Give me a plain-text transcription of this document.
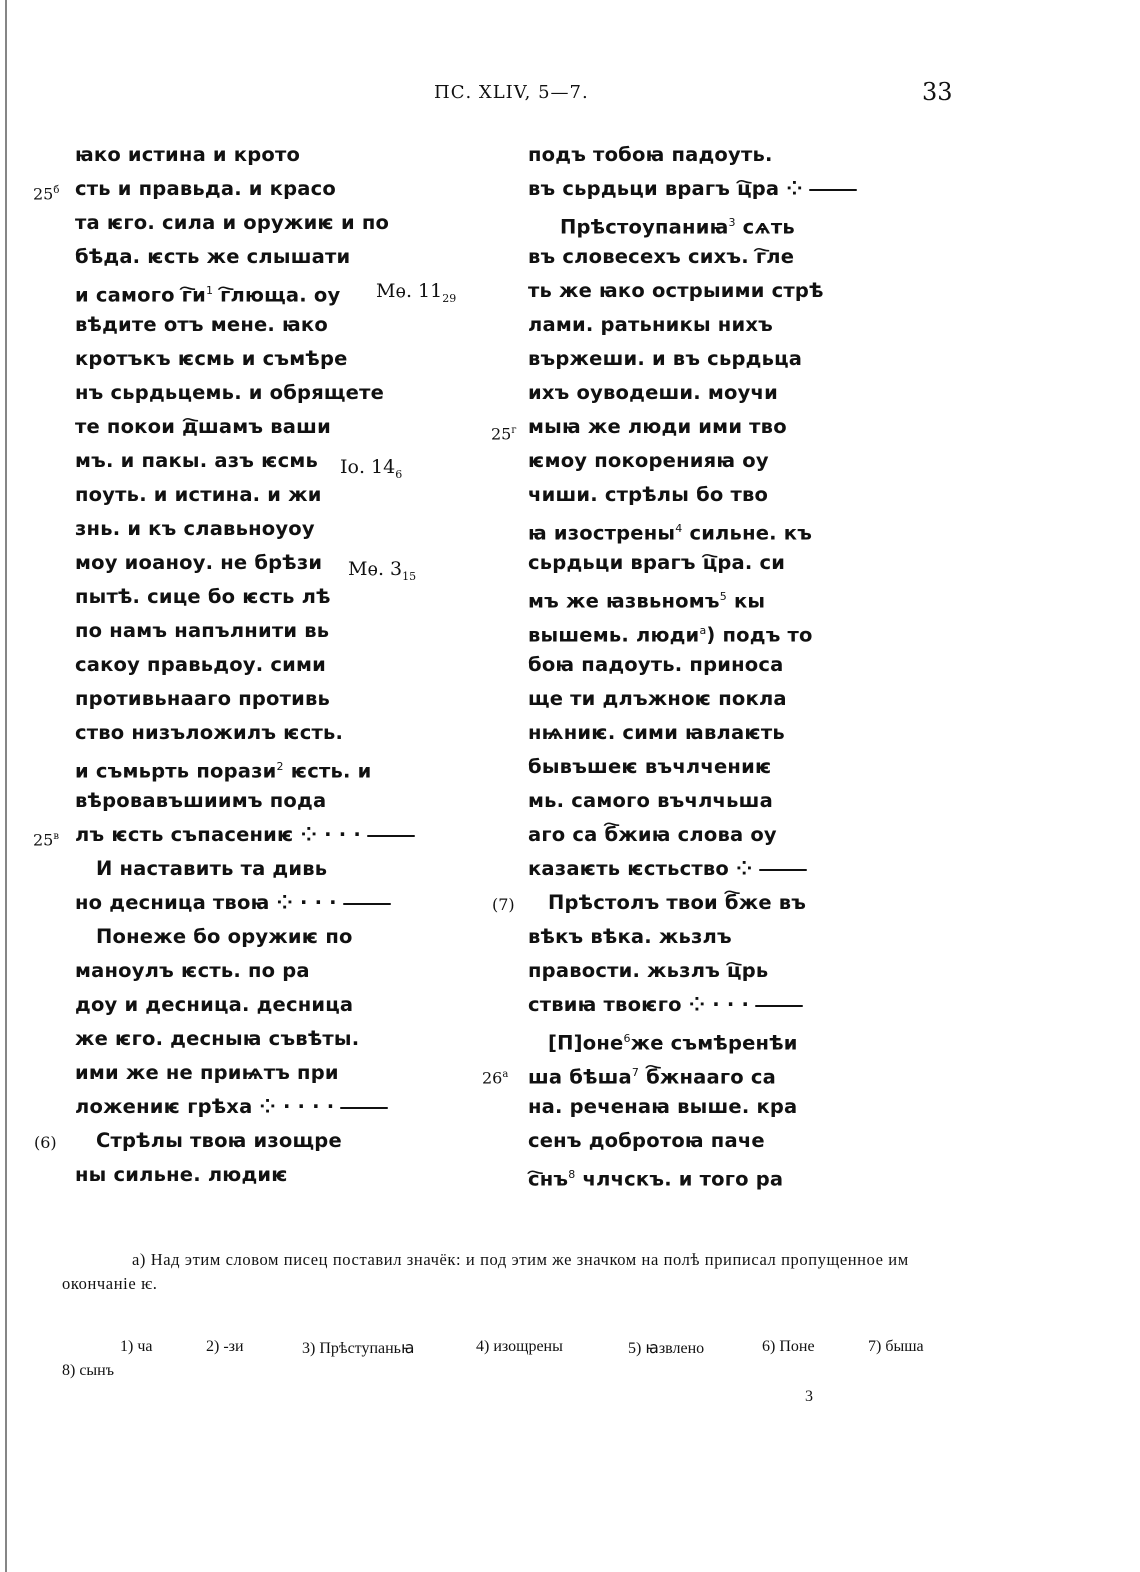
ПС. XLIV, 5—7.	33
ꙗко истина и крото
сть и правьда. и красо
та ѥго. сила и оружиѥ и по
бѣда. ѥсть же слышати
и самого $г҇и^1$ г҇люща. оу
вѣдите отъ мене. ꙗко
кротъкъ ѥсмь и съмѣре
нъ сьрдьцемь. и обрящете
те покои д҇шамъ ваши
мъ. и пакы. азъ ѥсмь
поуть. и истина. и жи
знь. и къ славьноуоу
моу иоаноу. не брѣзи
пытѣ. сице бо ѥсть лѣ
по намъ напълнити вь
сакоу правьдоу. сими
противьнааго противь
ство низъложилъ ѥсть.
и съмьрть порази$^2$ ѥсть. и
вѣровавъшиимъ пода
лъ ѥсть съпасениѥ ⁘ · · ·
И наставить та дивь
но десница твоꙗ ⁘ · · ·
Понеже бо оружиѥ по
маноулъ ѥсть. по ра
доу и десница. десница
же ѥго. десныꙗ съвѣты.
ими же не приѩтъ при
ложениѥ грѣха ⁘ · · · ·
Стрѣлы твоꙗ изощре
ны сильне. людиѥ
$25^б$
$25^в$
(6)
Мѳ. $11_{29}$
Іо. $14_6$
Мѳ. $3_{15}$
подъ тобоꙗ падоуть.
въ сьрдьци врагъ ц҇ра ⁘
Прѣстоупаниꙗ$^3$ сѧть
въ словесехъ сихъ. г҇ле
ть же ꙗко острыими стрѣ
лами. ратьникы нихъ
вържеши. и въ сьрдьца
ихъ оуводеши. моучи
мыꙗ же люди ими тво
ѥмоу покоренияꙗ оу
чиши. стрѣлы бо тво
ꙗ изострены$^4$ сильне. къ
сьрдьци врагъ ц҇ра. си
мъ же ꙗзвьномъ$^5$ кы
вышемь. люди$^а$) подъ то
боꙗ падоуть. приноса
ще ти длъжноѥ покла
нѩниѥ. сими ꙗвлаѥть
бывъшеѥ въчлчениѥ
мь. самого въчлчьша
аго са б҇жиꙗ слова оу
казаѥть ѥстьство ⁘
Прѣстолъ твои б҇же въ
вѣкъ вѣка. жьзлъ
правости. жьзлъ ц҇рь
ствиꙗ твоѥго ⁘ · · ·
[П]оне$^6$же съмѣренѣи
ша бѣша$^7$ б҇жнааго са
на. реченаꙗ выше. кра
сенъ добротоꙗ паче
$с҇нъ^8$ члчскъ. и того ра
$25^г$
(7)
$26^а$
а) Над этим словом писец поставил значёк: и под этим же значком на полѣ приписал пропущенное им окончаніе ѥ.
1) ча	2) -зи	3) Прѣступаньꙗ	4) изощрены	5) ꙗзвлено	6) Поне	7) быша
8) сынъ
3
